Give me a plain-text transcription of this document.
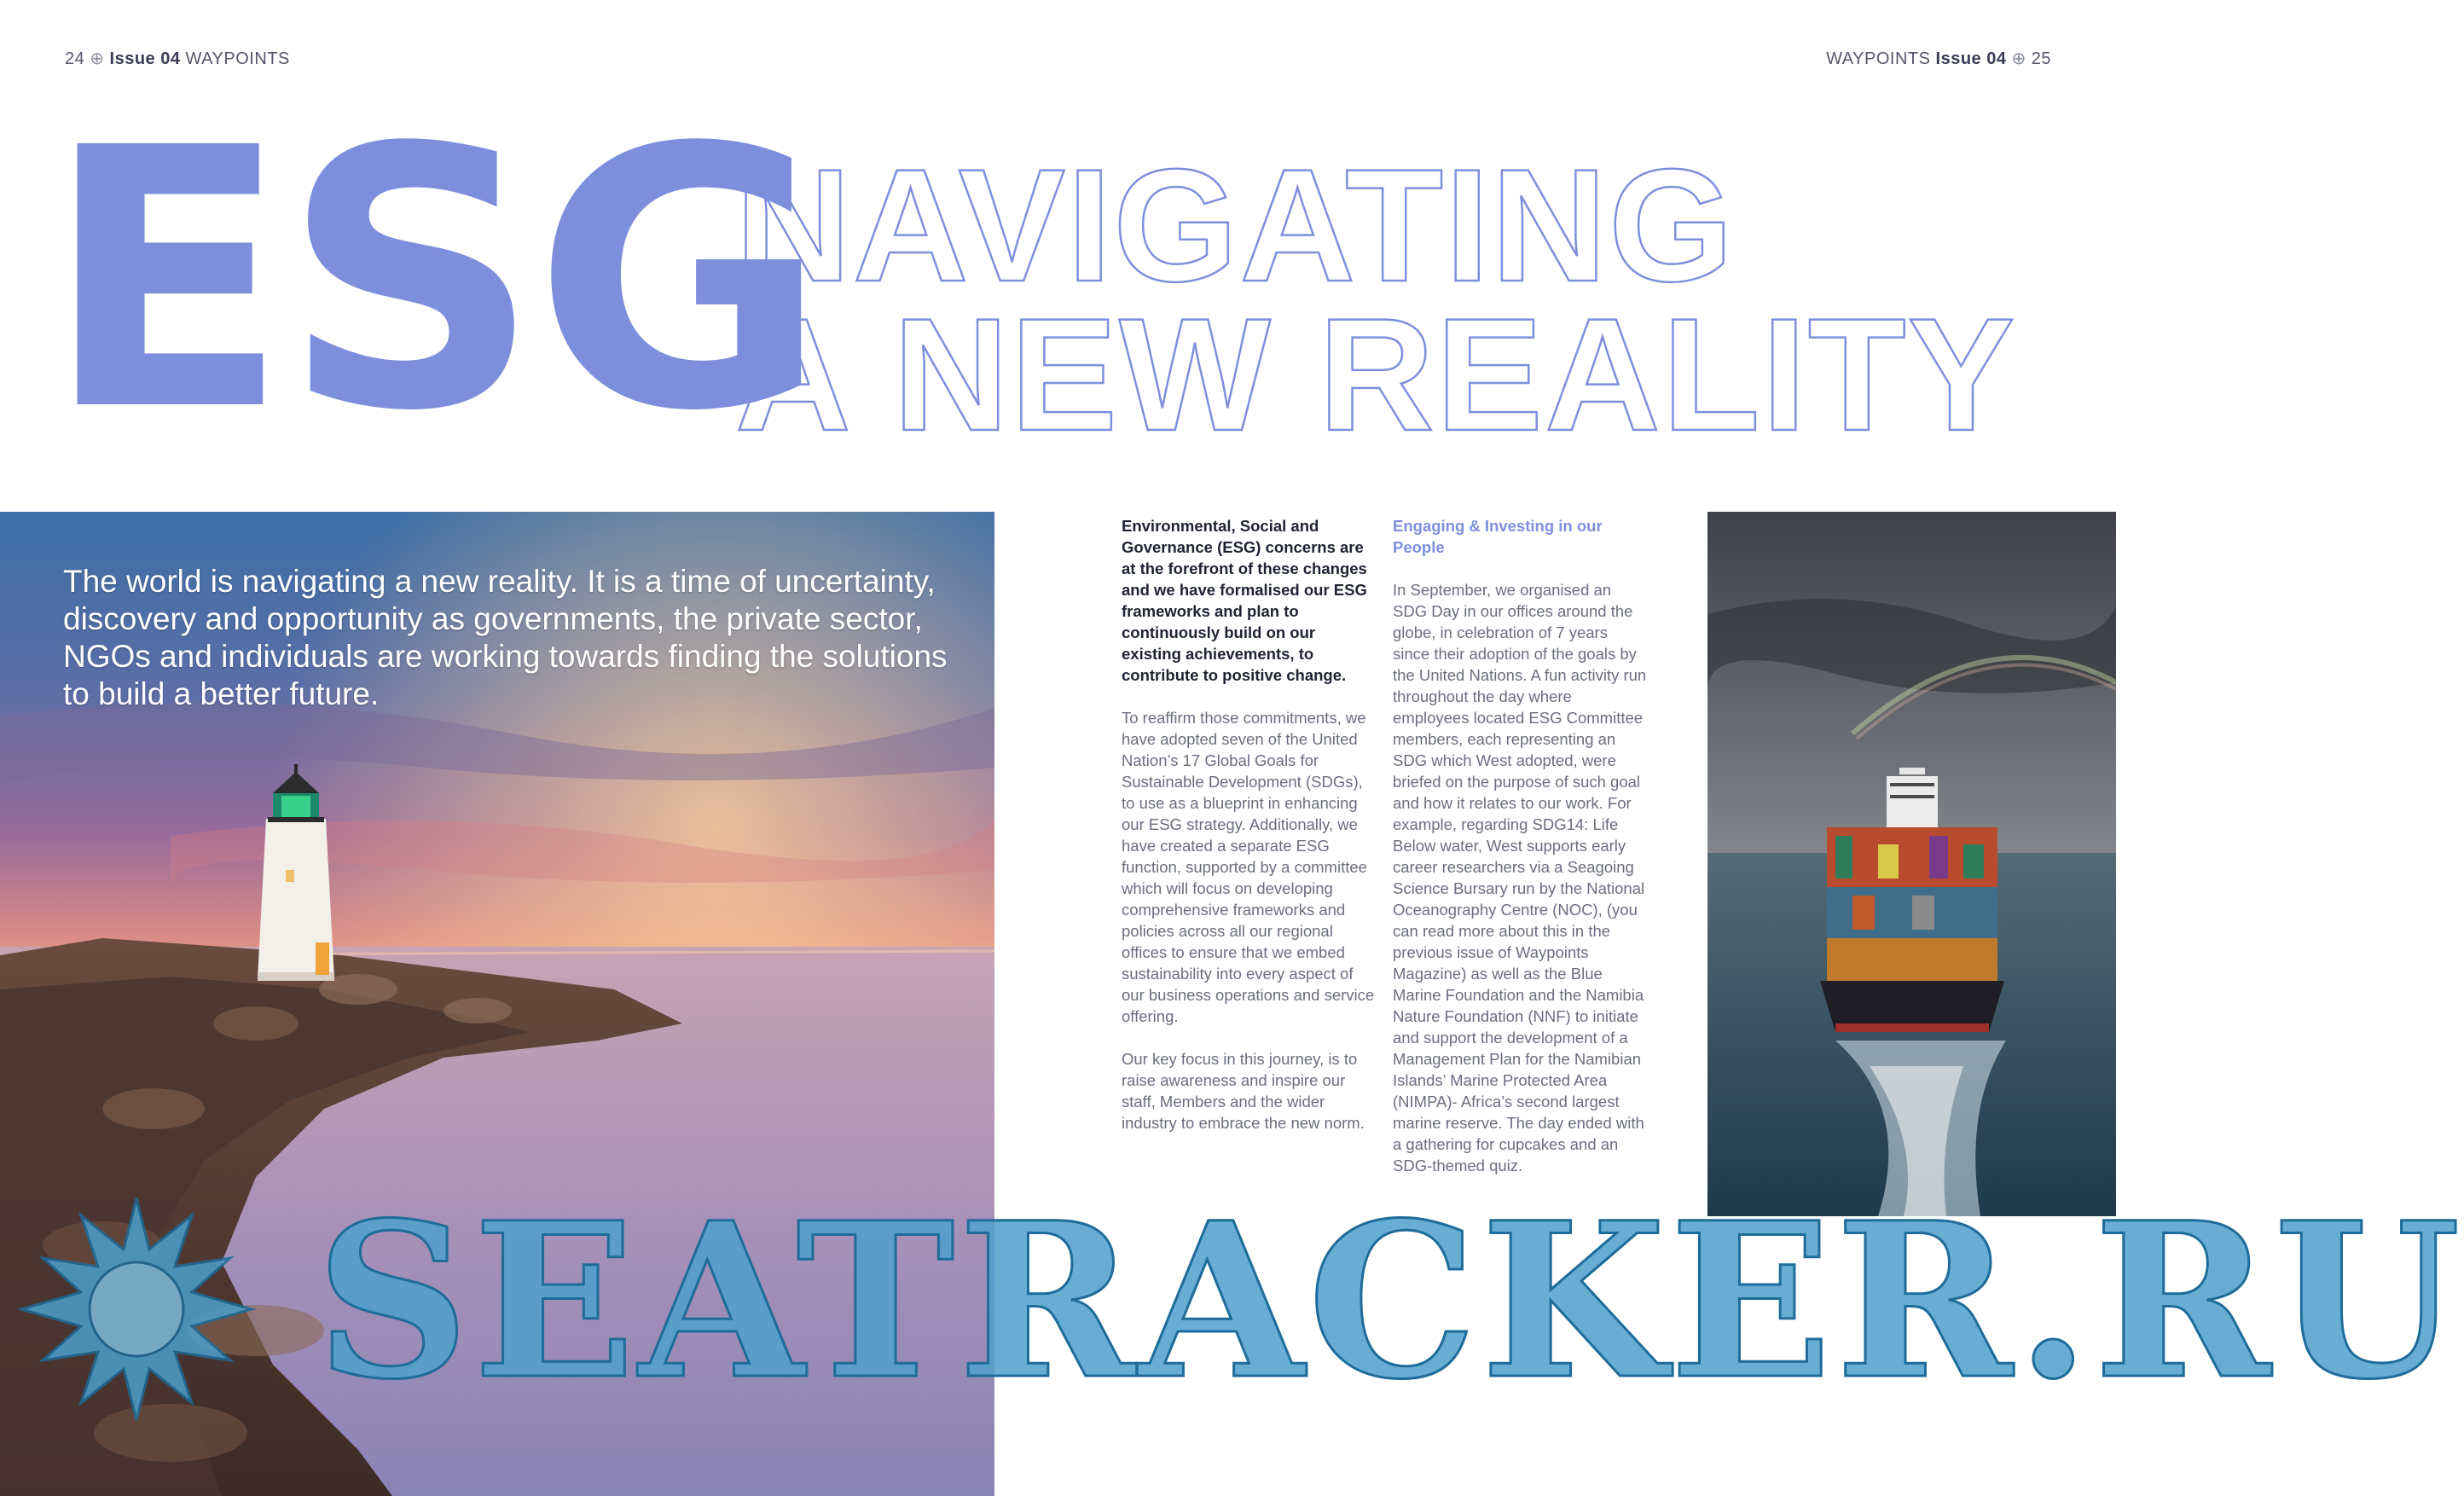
24 ⊕ Issue 04 WAYPOINTS	WAYPOINTS Issue 04 ⊕ 25
ESG
NAVIGATING
A NEW REALITY
The world is navigating a new reality. It is a time of uncertainty, discovery and opportunity as governments, the private sector, NGOs and individuals are working towards finding the solutions to build a better future.

Environmental, Social and Governance (ESG) concerns are at the forefront of these changes and we have formalised our ESG frameworks and plan to continuously build on our existing achievements, to contribute to positive change.

To reaffirm those commitments, we have adopted seven of the United Nation’s 17 Global Goals for Sustainable Development (SDGs), to use as a blueprint in enhancing our ESG strategy. Additionally, we have created a separate ESG function, supported by a committee which will focus on developing comprehensive frameworks and policies across all our regional offices to ensure that we embed sustainability into every aspect of our business operations and service offering.

Our key focus in this journey, is to raise awareness and inspire our staff, Members and the wider industry to embrace the new norm.

Engaging & Investing in our People

In September, we organised an SDG Day in our offices around the globe, in celebration of 7 years since their adoption of the goals by the United Nations. A fun activity run throughout the day where employees located ESG Committee members, each representing an SDG which West adopted, were briefed on the purpose of such goal and how it relates to our work. For example, regarding SDG14: Life Below water, West supports early career researchers via a Seagoing Science Bursary run by the National Oceanography Centre (NOC), (you can read more about this in the previous issue of Waypoints Magazine) as well as the Blue Marine Foundation and the Namibia Nature Foundation (NNF) to initiate and support the development of a Management Plan for the Namibian Islands’ Marine Protected Area (NIMPA)- Africa’s second largest marine reserve. The day ended with a gathering for cupcakes and an SDG-themed quiz.

SEATRACKER.RU
